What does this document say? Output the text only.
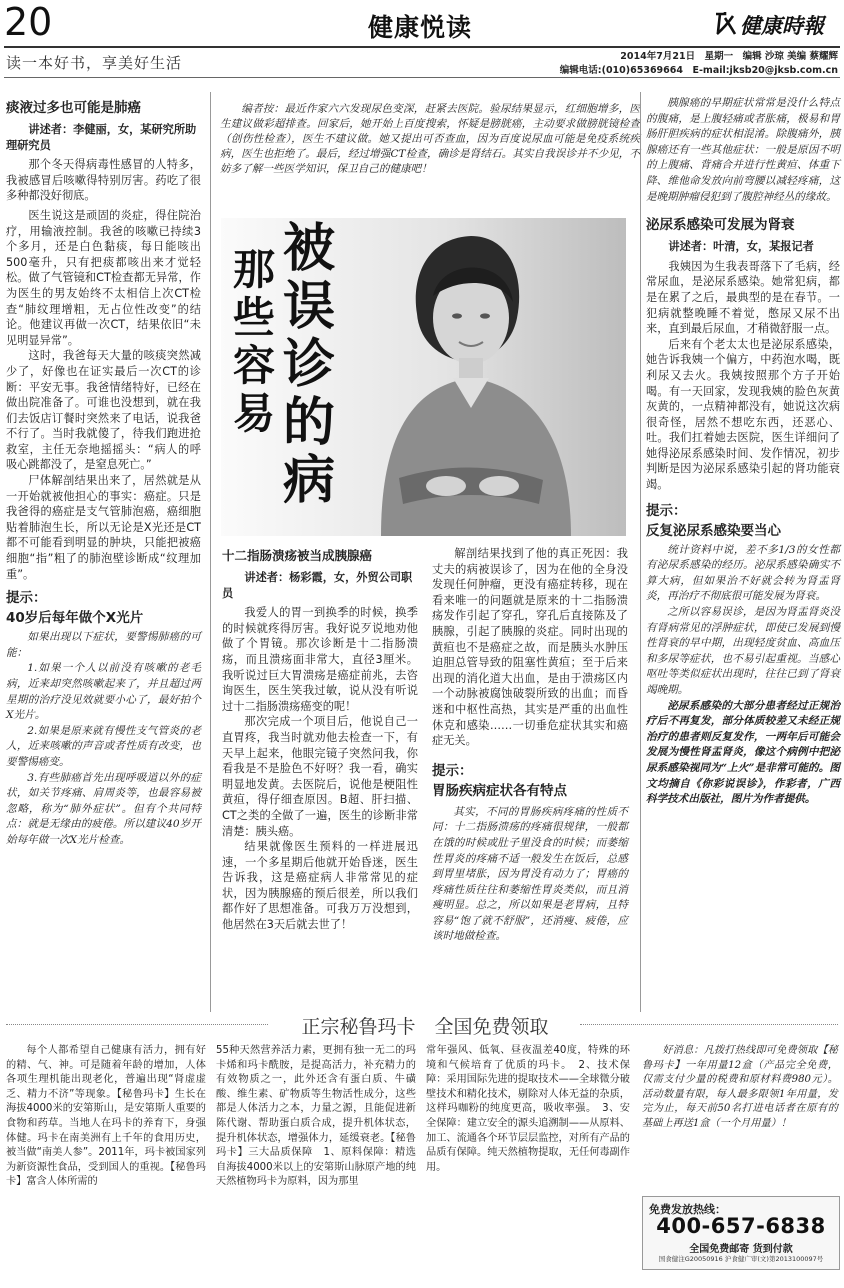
20	健康悦读	健康時報
读一本好书，享美好生活	2014年7月21日　星期一　编辑 沙琼 美编 蔡耀辉
编辑电话:(010)65369664　E-mail:jksb20@jksb.com.cn
痰液过多也可能是肺癌
讲述者：李健丽，女，某研究所助理研究员

那个冬天得病毒性感冒的人特多，我被感冒后咳嗽得特别厉害。药吃了很多种都没好彻底。

医生说这是顽固的炎症，得住院治疗，用输液控制。我爸的咳嗽已持续3个多月，还是白色黏痰，每日能咳出500毫升，只有把痰都咳出来才觉轻松。做了气管镜和CT检查都无异常，作为医生的男友始终不太相信上次CT检查“肺纹理增粗，无占位性改变”的结论。他建议再做一次CT，结果依旧“未见明显异常”。

这时，我爸每天大量的咳痰突然减少了，好像也在证实最后一次CT的诊断：平安无事。我爸情绪特好，已经在做出院准备了。可谁也没想到，就在我们去饭店订餐时突然来了电话，说我爸不行了。当时我就傻了，待我们跑进抢救室，主任无奈地摇摇头：“病人的呼吸心跳都没了，是窒息死亡。”

尸体解剖结果出来了，居然就是从一开始就被他担心的事实：癌症。只是我爸得的癌症是支气管肺泡癌，癌细胞贴着肺泡生长，所以无论是X光还是CT都不可能看到明显的肿块，只能把被癌细胞“指”粗了的肺泡壁诊断成“纹理加重”。

提示：
40岁后每年做个X光片

如果出现以下症状，要警惕肺癌的可能：

1.如果一个人以前没有咳嗽的老毛病，近来却突然咳嗽起来了，并且超过两星期的治疗没见效就要小心了，最好拍个X光片。

2.如果是原来就有慢性支气管炎的老人，近来咳嗽的声音或者性质有改变，也要警惕癌变。

3.有些肺癌首先出现呼吸道以外的症状，如关节疼痛、肩周炎等，也最容易被忽略，称为“肺外症状”。但有个共同特点：就是无缘由的疲倦。所以建议40岁开始每年做一次X光片检查。

编者按：最近作家六六发现尿色变深，赶紧去医院。验尿结果显示，红细胞增多，医生建议做彩超排查。回家后，她开始上百度搜索，怀疑是膀胱癌，主动要求做膀胱镜检查（创伤性检查），医生不建议做。她又提出可否查血，因为百度说尿血可能是免疫系统疾病，医生也拒绝了。最后，经过增强CT检查，确诊是肾结石。其实自我误诊并不少见，不妨多了解一些医学知识，保卫自己的健康吧！

那些容易
被误诊的病
十二指肠溃疡被当成胰腺癌
讲述者：杨彩霞，女，外贸公司职员

我爱人的胃一到换季的时候，换季的时候就疼得厉害。我好说歹说地劝他做了个胃镜。那次诊断是十二指肠溃疡，而且溃疡面非常大，直径3厘米。我听说过巨大胃溃疡是癌症前兆，去咨询医生，医生笑我过敏，说从没有听说过十二指肠溃疡癌变的呢！

那次完成一个项目后，他说自己一直胃疼，我当时就劝他去检查一下，有天早上起来，他眼完镜子突然问我，你看我是不是脸色不好呀？我一看，确实明显地发黄。去医院后，说他是梗阻性黄疸，得仔细查原因。B超、肝扫描、CT之类的全做了一遍，医生的诊断非常清楚：胰头癌。

结果就像医生预料的一样进展迅速，一个多星期后他就开始昏迷，医生告诉我，这是癌症病人非常常见的症状，因为胰腺癌的预后很差，所以我们都作好了思想准备。可我万万没想到，他居然在3天后就去世了！

解剖结果找到了他的真正死因：我丈夫的病被误诊了，因为在他的全身没发现任何肿瘤，更没有癌症转移，现在看来唯一的问题就是原来的十二指肠溃疡发作引起了穿孔，穿孔后直接陈及了胰腺，引起了胰腺的炎症。同时出现的黄疸也不是癌症之故，而是胰头水肿压迫胆总管导致的阻塞性黄疸；至于后来出现的消化道大出血，是由于溃疡区内一个动脉被腐蚀破裂所致的出血；而昏迷和中枢性高热，其实是严重的出血性休克和感染……一切垂危症状其实和癌症无关。

提示：
胃肠疾病症状各有特点

其实，不同的胃肠疾病疼痛的性质不同：十二指肠溃疡的疼痛很规律，一般都在饿的时候或肚子里没食的时候；而萎缩性胃炎的疼痛不适一般发生在饭后，总感到胃里堵胀，因为胃没有动力了；胃癌的疼痛性质往往和萎缩性胃炎类似，而且消瘦明显。总之，所以如果是老胃病，且特容易“饱了就不舒服”，还消瘦、疲倦，应该时地做检查。

胰腺癌的早期症状常常是没什么特点的腹痛，是上腹轻痛或者胀痛，极易和胃肠肝胆疾病的症状相混淆。除腹痛外，胰腺癌还有一些其他症状：一般是原因不明的上腹痛、背痛合并进行性黄疸、体重下降、维他命发放向前弯腰以减轻疼痛，这是晚期肿瘤侵犯到了腹腔神经丛的缘故。

泌尿系感染可发展为肾衰
讲述者：叶清，女，某报记者

我姨因为生我表哥落下了毛病，经常尿血，是泌尿系感染。她常犯病，都是在累了之后，最典型的是在春节。一犯病就整晚睡不着觉，憋尿又尿不出来，直到最后尿血，才稍微舒服一点。

后来有个老太太也是泌尿系感染，她告诉我姨一个偏方，中药泡水喝，既利尿又去火。我姨按照那个方子开始喝。有一天回家，发现我姨的脸色灰黄灰黄的，一点精神都没有，她说这次病很奇怪，居然不想吃东西，还恶心、吐。我们扛着她去医院，医生详细问了她得泌尿系感染时间、发作情况，初步判断是因为泌尿系感染引起的肾功能衰竭。

提示：
反复泌尿系感染要当心

统计资料中说，差不多1/3的女性都有泌尿系感染的经历。泌尿系感染确实不算大病，但如果治不好就会转为肾盂肾炎，再治疗不彻底很可能发展为肾衰。

之所以容易误诊，是因为肾盂肾炎没有肾病常见的浮肿症状，即使已发展到慢性肾衰的早中期，出现轻度贫血、高血压和多尿等症状，也不易引起重视。当感心呕吐等类似症状出现时，往往已到了肾衰竭晚期。

泌尿系感染的大部分患者经过正规治疗后不再复发，部分体质较差又未经正规治疗的患者则反复发作，一两年后可能会发展为慢性肾盂肾炎，像这个病例中把泌尿系感染视同为“上火”是非常可能的。图文均摘自《你彩说误诊》，作彩者，广西科学技术出版社，图片为作者提供。

正宗秘鲁玛卡　全国免费领取
每个人都希望自己健康有活力，拥有好的精、气、神。可是随着年龄的增加，人体各项生理机能出现老化，普遍出现“肾虚虚乏、精力不济”等现象。【秘鲁玛卡】生长在海拔4000米的安第斯山，是安第斯人重要的食物和药草。当地人在玛卡的养育下，身强体健。玛卡在南美洲有上千年的食用历史，被当做“南美人参”。2011年，玛卡被国家列为新资源性食品，受到国人的重视。【秘鲁玛卡】富含人体所需的
55种天然营养活力素，更拥有独一无二的玛卡烯和玛卡酰胺，是提高活力，补充精力的有效物质之一，此外还含有蛋白质、牛磺酸、维生素、矿物质等生物活性成分，这些都是人体活力之本，力量之源，且能促进新陈代谢、帮助蛋白质合成，提升机体状态，提升机体状态，增强体力，延缓衰老。【秘鲁玛卡】三大品质保障　1、原料保障：精选自海拔4000米以上的安第斯山脉原产地的纯天然植物玛卡为原料，因为那里
常年强风、低氧、昼夜温差40度，特殊的环境和气候培育了优质的玛卡。　2、技术保障：采用国际先进的提取技术——全球微分破壁技术和精化技术，剔除对人体无益的杂质，这样玛咖粉的纯度更高，吸收率强。　3、安全保障：建立安全的源头追溯制——从原料、加工、流通各个环节层层监控，对所有产品的品质有保障。纯天然植物提取，无任何毒副作用。
好消息：凡拨打热线即可免费领取【秘鲁玛卡】一年用量12盒（产品完全免费，仅需支付少量的税费和原材料费980元）。活动数量有限，每人最多限领1年用量，发完为止，每天前50名打进电话者在原有的基础上再送1盒（一个月用量）！
免费发放热线：
400-657-6838
全国免费邮寄 货到付款
国食健注G20050916 沪食健广审(文)第2013100097号
